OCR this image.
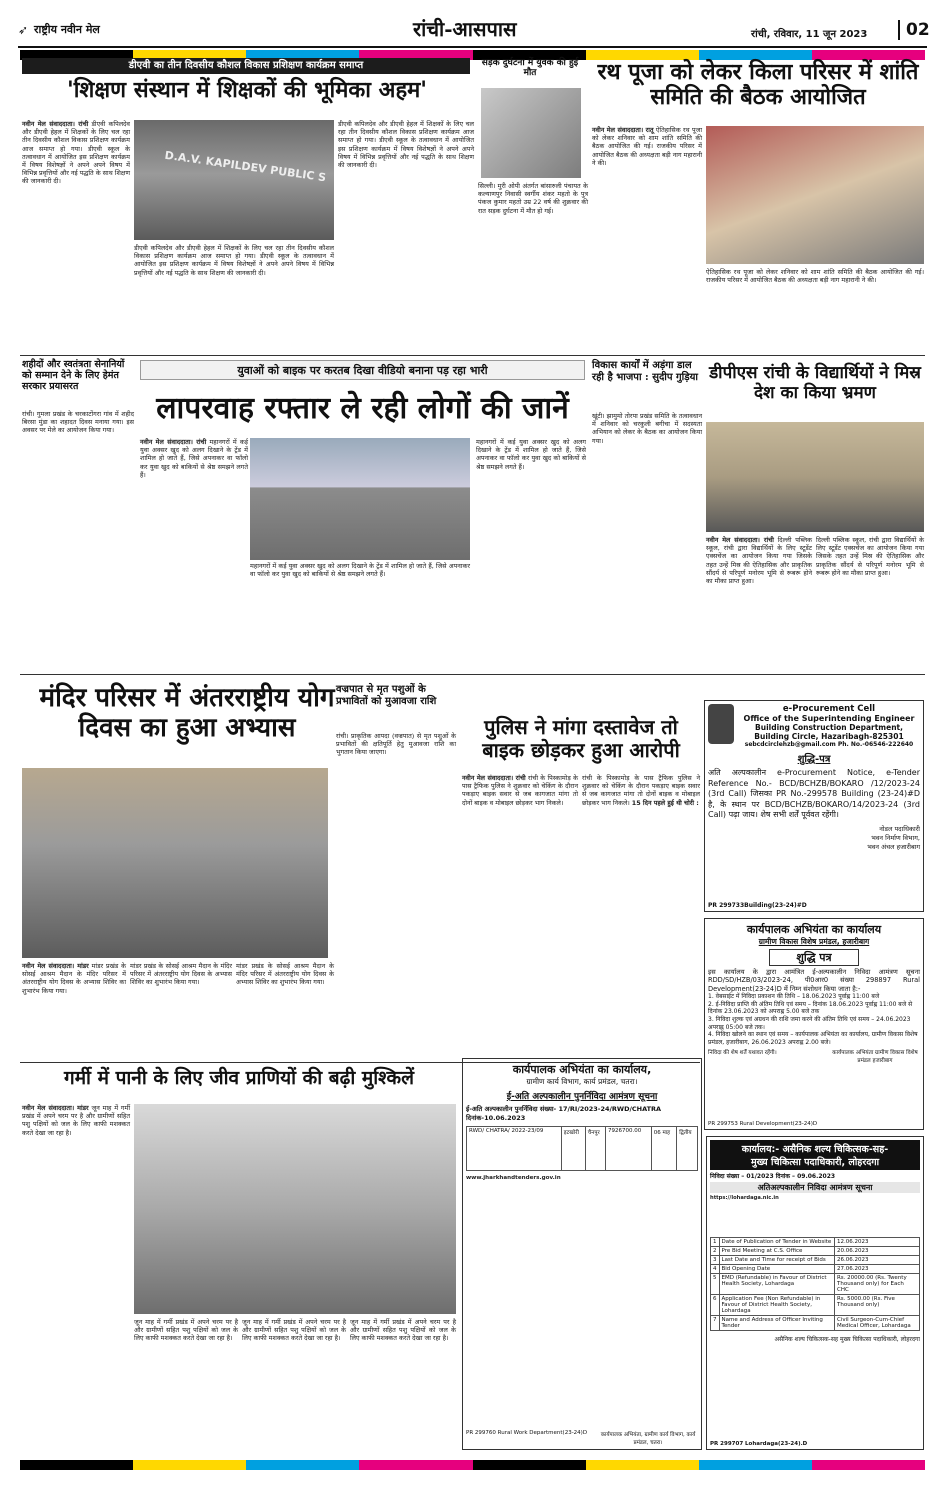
➶ राष्ट्रीय नवीन मेल	रांची-आसपास	रांची, रविवार, 11 जून 2023	02
डीएवी का तीन दिवसीय कौशल विकास प्रशिक्षण कार्यक्रम समाप्त
'शिक्षण संस्थान में शिक्षकों की भूमिका अहम'
नवीन मेल संवाददाता। रांची डीएवी कपिलदेव और डीएवी हेहल में शिक्षकों के लिए चल रहा तीन दिवसीय कौशल विकास प्रशिक्षण कार्यक्रम आज समाप्त हो गया। डीएवी स्कूल के तत्वावधान में आयोजित इस प्रशिक्षण कार्यक्रम में विषय विशेषज्ञों ने अपने अपने विषय में विभिन्न प्रवृत्तियों और नई पद्धति के साथ शिक्षण की जानकारी दी।	D.A.V. KAPILDEV PUBLIC S
डीएवी कपिलदेव और डीएवी हेहल में शिक्षकों के लिए चल रहा तीन दिवसीय कौशल विकास प्रशिक्षण कार्यक्रम आज समाप्त हो गया। डीएवी स्कूल के तत्वावधान में आयोजित इस प्रशिक्षण कार्यक्रम में विषय विशेषज्ञों ने अपने अपने विषय में विभिन्न प्रवृत्तियों और नई पद्धति के साथ शिक्षण की जानकारी दी।
डीएवी कपिलदेव और डीएवी हेहल में शिक्षकों के लिए चल रहा तीन दिवसीय कौशल विकास प्रशिक्षण कार्यक्रम आज समाप्त हो गया। डीएवी स्कूल के तत्वावधान में आयोजित इस प्रशिक्षण कार्यक्रम में विषय विशेषज्ञों ने अपने अपने विषय में विभिन्न प्रवृत्तियों और नई पद्धति के साथ शिक्षण की जानकारी दी।
सड़क दुर्घटना में युवक की हुई मौत
सिल्ली। मुरी ओपी अंतर्गत बांसारुली पंचायत के कल्याणपुर निवासी स्वर्गीय शंकर महतो के पुत्र पंकज कुमार महतो उम्र 22 वर्ष की शुक्रवार की रात सड़क दुर्घटना में मौत हो गई।
रथ पूजा को लेकर किला परिसर में शांति समिति की बैठक आयोजित
नवीन मेल संवाददाता। रातू ऐतिहासिक रथ पूजा को लेकर शनिवार को शाम शांति समिति की बैठक आयोजित की गई। राजकीय परिसर में आयोजित बैठक की अध्यक्षता बड़ी नाग महारानी ने की।
ऐतिहासिक रथ पूजा को लेकर शनिवार को शाम शांति समिति की बैठक आयोजित की गई। राजकीय परिसर में आयोजित बैठक की अध्यक्षता बड़ी नाग महारानी ने की।
शहीदों और स्वतंत्रता सेनानियों को सम्मान देने के लिए हेमंत सरकार प्रयासरत
रांची। गुमला प्रखंड के चरकाटोंगरा गांव में शहीद बिरसा मुंडा का शहादत दिवस मनाया गया। इस अवसर पर मेले का आयोजन किया गया।
युवाओं को बाइक पर करतब दिखा वीडियो बनाना पड़ रहा भारी
लापरवाह रफ्तार ले रही लोगों की जानें
नवीन मेल संवाददाता। रांची महानगरों में कई युवा अक्सर खुद को अलग दिखाने के ट्रेंड में शामिल हो जाते हैं, जिसे अपनाकर वा फॉलो कर युवा खुद को बाकियों से श्रेष्ठ समझने लगते हैं।
महानगरों में कई युवा अक्सर खुद को अलग दिखाने के ट्रेंड में शामिल हो जाते हैं, जिसे अपनाकर वा फॉलो कर युवा खुद को बाकियों से श्रेष्ठ समझने लगते हैं।
महानगरों में कई युवा अक्सर खुद को अलग दिखाने के ट्रेंड में शामिल हो जाते हैं, जिसे अपनाकर वा फॉलो कर युवा खुद को बाकियों से श्रेष्ठ समझने लगते हैं।
विकास कार्यों में अड़ंगा डाल रही है भाजपा : सुदीप गुड़िया
खूंटी। झामुमो तोरपा प्रखंड समिति के तत्वावधान में शनिवार को चरकुली बगीचा में सदस्यता अभियान को लेकर के बैठक का आयोजन किया गया।
डीपीएस रांची के विद्यार्थियों ने मिस्र देश का किया भ्रमण
नवीन मेल संवाददाता। रांची दिल्ली पब्लिक स्कूल, रांची द्वारा विद्यार्थियों के लिए स्टूडेंट एक्सचेंज का आयोजन किया गया जिसके तहत उन्हें मिस्र की ऐतिहासिक और प्राकृतिक सौंदर्य से परिपूर्ण मनोरम भूमि से रूबरू होने का मौका प्राप्त हुआ।
दिल्ली पब्लिक स्कूल, रांची द्वारा विद्यार्थियों के लिए स्टूडेंट एक्सचेंज का आयोजन किया गया जिसके तहत उन्हें मिस्र की ऐतिहासिक और प्राकृतिक सौंदर्य से परिपूर्ण मनोरम भूमि से रूबरू होने का मौका प्राप्त हुआ।
मंदिर परिसर में अंतरराष्ट्रीय योग दिवस का हुआ अभ्यास
नवीन मेल संवाददाता। मांडर मांडर प्रखंड के सोसई आश्रम मैदान के मंदिर परिसर में अंतरराष्ट्रीय योग दिवस के अभ्यास शिविर का शुभारंभ किया गया।
मांडर प्रखंड के सोसई आश्रम मैदान के मंदिर परिसर में अंतरराष्ट्रीय योग दिवस के अभ्यास शिविर का शुभारंभ किया गया।
मांडर प्रखंड के सोसई आश्रम मैदान के मंदिर परिसर में अंतरराष्ट्रीय योग दिवस के अभ्यास शिविर का शुभारंभ किया गया।
वज्रपात से मृत पशुओं के प्रभावितों को मुआवजा राशि
रांची। प्राकृतिक आपदा (वज्रपात) से मृत पशुओं के प्रभावितों की क्षतिपूर्ति हेतु मुआवजा राशि का भुगतान किया जाएगा।
पुलिस ने मांगा दस्तावेज तो बाइक छोड़कर हुआ आरोपी
नवीन मेल संवाददाता। रांची रांची के पिस्कामोड़ के पास ट्रैफिक पुलिस ने शुक्रवार को चेकिंग के दौरान पकड़ाए बाइक सवार से जब कागजात मांगा तो दोनों बाइक व मोबाइल छोड़कर भाग निकले।
रांची के पिस्कामोड़ के पास ट्रैफिक पुलिस ने शुक्रवार को चेकिंग के दौरान पकड़ाए बाइक सवार से जब कागजात मांगा तो दोनों बाइक व मोबाइल छोड़कर भाग निकले। 15 दिन पहले हुई थी चोरी :
e-Procurement Cell
Office of the Superintending Engineer
Building Construction Department,
Building Circle, Hazaribagh-825301
sebcdcirclehzb@gmail.com Ph. No.-06546-222640
शुद्धि-पत्र
अति अल्पकालीन e-Procurement Notice, e-Tender Reference No.- BCD/BCHZB/BOKARO /12/2023-24 (3rd Call) जिसका PR No.-299578 Building (23-24)#D है, के स्थान पर BCD/BCHZB/BOKARO/14/2023-24 (3rd Call) पढ़ा जाय। शेष सभी शर्तें पूर्ववत रहेंगी।
नोडल पदाधिकारी
भवन निर्माण विभाग,
भवन अंचल हजारीबाग
PR 299733Building(23-24)#D
कार्यपालक अभियंता का कार्यालय
ग्रामीण विकास विशेष प्रमंडल, हजारीबाग
शुद्धि पत्र
इस कार्यालय के द्वारा आमंत्रित ई-अल्पकालीन निविदा आमंत्रण सूचना RDD/SD/HZB/03/2023-24, पी0आर0 संख्या 298897 Rural Development(23-24)D में निम्न संशोधन किया जाता है:-
1. वेबसाईट में निविदा प्रकाशन की तिथि – 18.06.2023 पूर्वाह्न 11:00 बजे
2. ई-निविदा प्राप्ति की अंतिम तिथि एवं समय – दिनांक 18.06.2023 पूर्वाह्न 11:00 बजे से दिनांक 23.06.2023 को अपराह्न 5.00 बजे तक
3. निविदा शुल्क एवं अग्रधन की राशि जमा करने की अंतिम तिथि एवं समय – 24.06.2023 अपराह्न 05:00 बजे तक।
4. निविदा खोलने का स्थान एवं समय – कार्यपालक अभियंता का कार्यालय, ग्रामीण विकास विशेष प्रमंडल, हजारीबाग, 26.06.2023 अपराह्न 2.00 बजे।
निविदा की शेष शर्तें यथावत रहेंगी।	कार्यपालक अभियंता ग्रामीण विकास विशेष प्रमंडल हजारीबाग
PR 299753 Rural Development(23-24)D
गर्मी में पानी के लिए जीव प्राणियों की बढ़ी मुश्किलें
नवीन मेल संवाददाता। मांडर जून माह में गर्मी प्रखंड में अपने चरम पर है और ग्रामीणों सहित पशु पक्षियों को जल के लिए काफी मशक्कत करते देखा जा रहा है।
जून माह में गर्मी प्रखंड में अपने चरम पर है और ग्रामीणों सहित पशु पक्षियों को जल के लिए काफी मशक्कत करते देखा जा रहा है।
जून माह में गर्मी प्रखंड में अपने चरम पर है और ग्रामीणों सहित पशु पक्षियों को जल के लिए काफी मशक्कत करते देखा जा रहा है।
जून माह में गर्मी प्रखंड में अपने चरम पर है और ग्रामीणों सहित पशु पक्षियों को जल के लिए काफी मशक्कत करते देखा जा रहा है।
कार्यपालक अभियंता का कार्यालय,
ग्रामीण कार्य विभाग, कार्य प्रमंडल, चतरा।
ई-अति अल्पकालीन पुनर्निविदा आमंत्रण सूचना
ई-अति अल्पकालीन पुनर्निविदा संख्या- 17/RI/2023-24/RWD/CHATRA दिनांक-10.06.2023
RWD/ CHATRA/ 2022-23/09	इटखोरी	चैनपुर	7926700.00	06 माह	द्वितीय
www.jharkhandtenders.gov.in
PR 299760 Rural Work Department(23-24)D	कार्यपालक अभियंता, ग्रामीण कार्य विभाग, कार्य प्रमंडल, चतरा।
कार्यालय:- असैनिक शल्य चिकित्सक-सह-
मुख्य चिकित्सा पदाधिकारी, लोहरदगा
निविदा संख्या – 01/2023 दिनांक – 09.06.2023
अतिअल्पकालीन निविदा आमंत्रण सूचना
https://lohardaga.nic.in
1	Date of Publication of Tender in Website	12.06.2023
2	Pre Bid Meeting at C.S. Office	20.06.2023
3	Last Date and Time for receipt of Bids	26.06.2023
4	Bid Opening Date	27.06.2023
5	EMD (Refundable) in Favour of District Health Society, Lohardaga	Rs. 20000.00 (Rs. Twenty Thousand only) for Each CHC
6	Application Fee (Non Refundable) in Favour of District Health Society, Lohardaga	Rs. 5000.00 (Rs. Five Thousand only)
7	Name and Address of Officer Inviting Tender	Civil Surgeon-Cum-Chief Medical Officer, Lohardaga
असैनिक शल्य चिकित्सक-सह मुख्य चिकित्सा पदाधिकारी, लोहरदगा
PR 299707 Lohardaga(23-24).D
